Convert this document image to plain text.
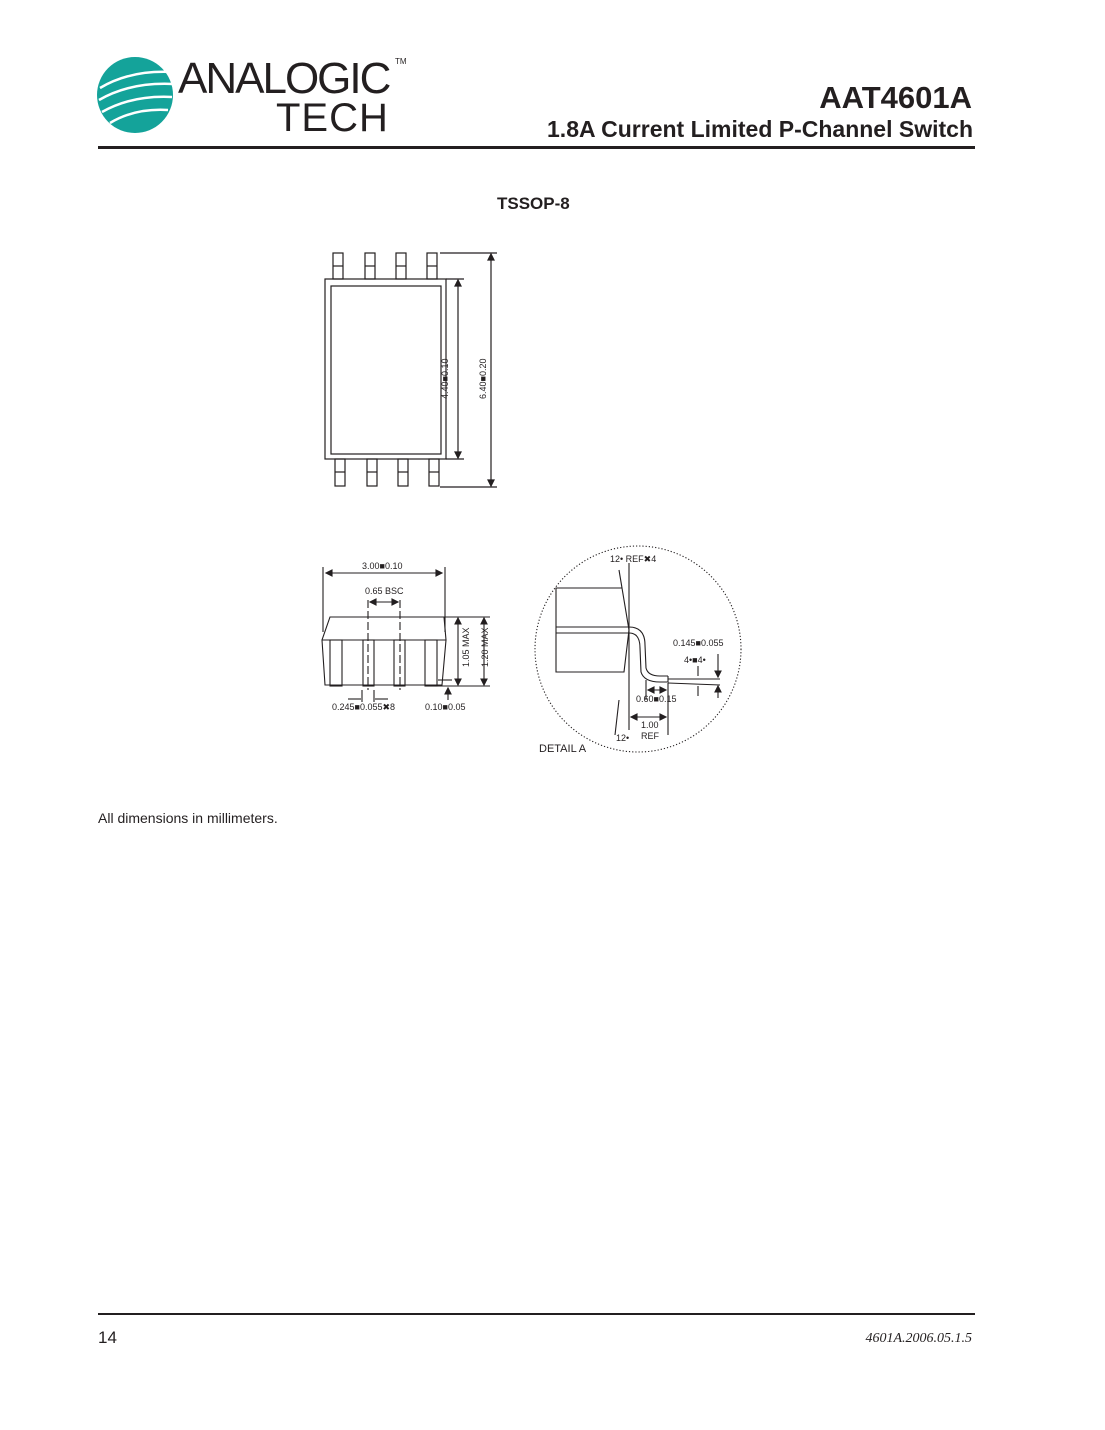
ANALOGIC
TECH
TM
AAT4601A
1.8A Current Limited P-Channel Switch
TSSOP-8
4.40■0.10	6.40■0.20
3.00■0.10
0.65 BSC
1.05 MAX 1.20 MAX
0.245■0.055✖8	0.10■0.05
12• REF✖4
0.145■0.055
4•■4•
0.60■0.15
1.00
REF
12•
DETAIL A
All dimensions in millimeters.
14	4601A.2006.05.1.5
